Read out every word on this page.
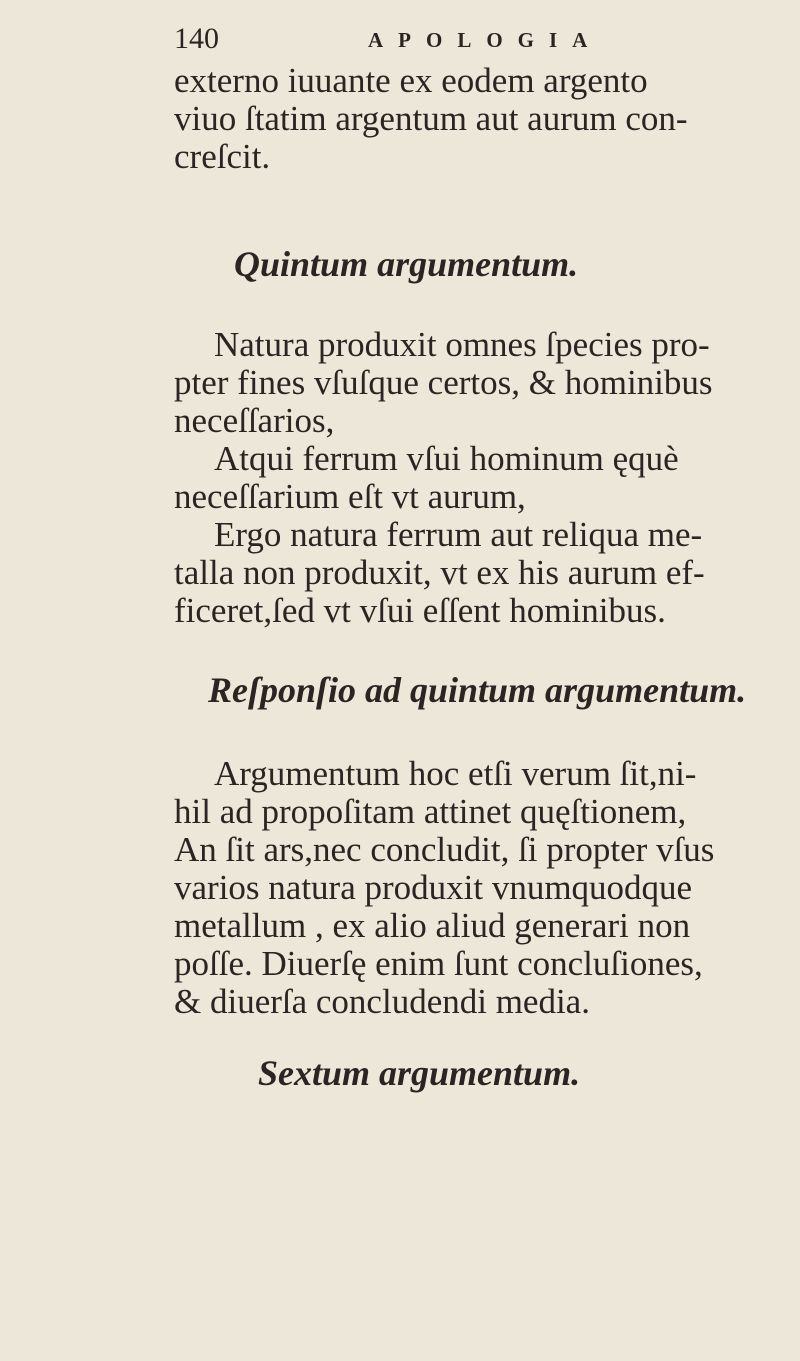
140	APOLOGIA
externo iuuante ex eodem argento
viuo ſtatim argentum aut aurum con-
creſcit.
Quintum argumentum.
Natura produxit omnes ſpecies pro-
pter fines vſuſque certos, & hominibus
neceſſarios,
Atqui ferrum vſui hominum ęquè
neceſſarium eſt vt aurum,
Ergo natura ferrum aut reliqua me-
talla non produxit, vt ex his aurum ef-
ficeret,ſed vt vſui eſſent hominibus.
Reſponſio ad quintum argumentum.
Argumentum hoc etſi verum ſit,ni-
hil ad propoſitam attinet quęſtionem,
An ſit ars,nec concludit, ſi propter vſus
varios natura produxit vnumquodque
metallum , ex alio aliud generari non
poſſe. Diuerſę enim ſunt concluſiones,
& diuerſa concludendi media.
Sextum argumentum.
